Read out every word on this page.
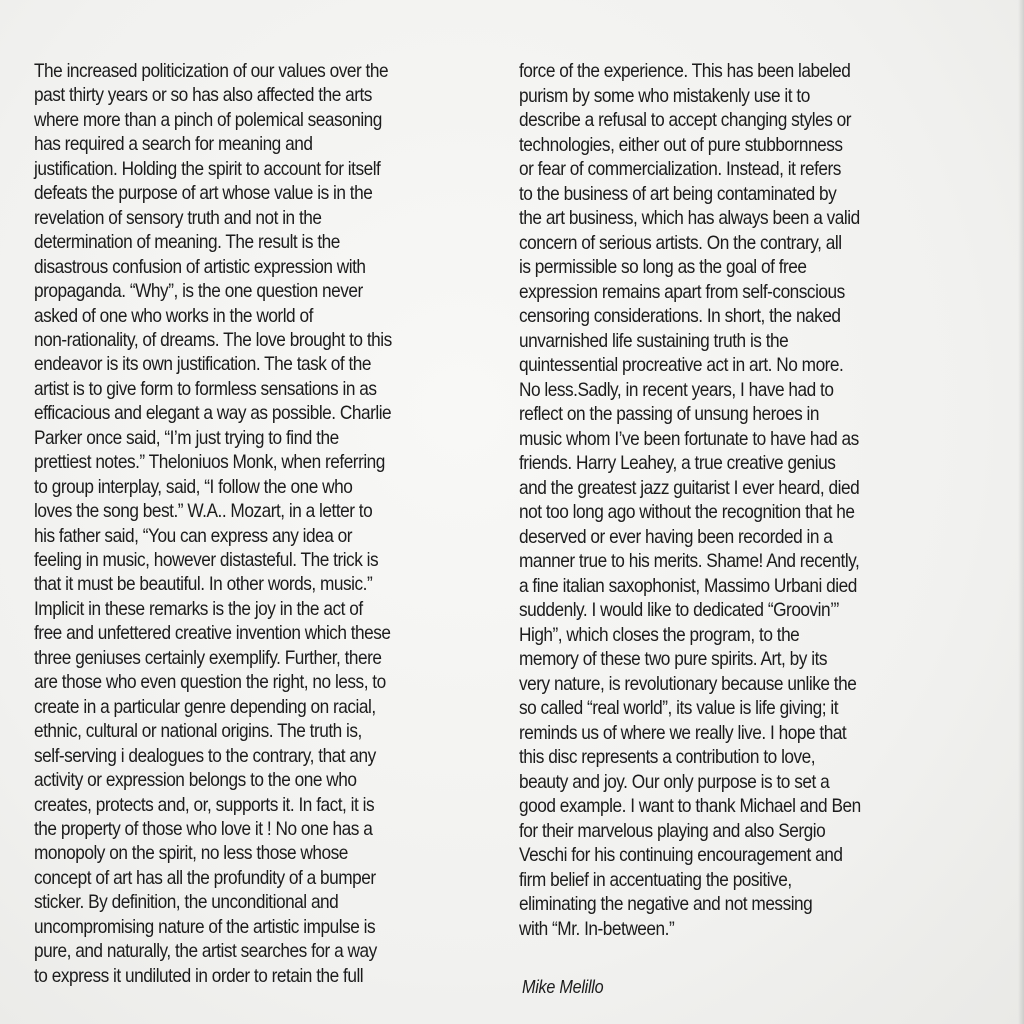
The increased politicization of our values over the
past thirty years or so has also affected the arts
where more than a pinch of polemical seasoning
has required a search for meaning and
justification. Holding the spirit to account for itself
defeats the purpose of art whose value is in the
revelation of sensory truth and not in the
determination of meaning. The result is the
disastrous confusion of artistic expression with
propaganda. “Why”, is the one question never
asked of one who works in the world of
non-rationality, of dreams. The love brought to this
endeavor is its own justification. The task of the
artist is to give form to formless sensations in as
efficacious and elegant a way as possible. Charlie
Parker once said, “I’m just trying to find the
prettiest notes.” Theloniuos Monk, when referring
to group interplay, said, “I follow the one who
loves the song best.” W.A.. Mozart, in a letter to
his father said, “You can express any idea or
feeling in music, however distasteful. The trick is
that it must be beautiful. In other words, music.”
Implicit in these remarks is the joy in the act of
free and unfettered creative invention which these
three geniuses certainly exemplify. Further, there
are those who even question the right, no less, to
create in a particular genre depending on racial,
ethnic, cultural or national origins. The truth is,
self-serving i dealogues to the contrary, that any
activity or expression belongs to the one who
creates, protects and, or, supports it. In fact, it is
the property of those who love it ! No one has a
monopoly on the spirit, no less those whose
concept of art has all the profundity of a bumper
sticker. By definition, the unconditional and
uncompromising nature of the artistic impulse is
pure, and naturally, the artist searches for a way
to express it undiluted in order to retain the full
force of the experience. This has been labeled
purism by some who mistakenly use it to
describe a refusal to accept changing styles or
technologies, either out of pure stubbornness
or fear of commercialization. Instead, it refers
to the business of art being contaminated by
the art business, which has always been a valid
concern of serious artists. On the contrary, all
is permissible so long as the goal of free
expression remains apart from self-conscious
censoring considerations. In short, the naked
unvarnished life sustaining truth is the
quintessential procreative act in art. No more.
No less.Sadly, in recent years, I have had to
reflect on the passing of unsung heroes in
music whom I’ve been fortunate to have had as
friends. Harry Leahey, a true creative genius
and the greatest jazz guitarist I ever heard, died
not too long ago without the recognition that he
deserved or ever having been recorded in a
manner true to his merits. Shame! And recently,
a fine italian saxophonist, Massimo Urbani died
suddenly. I would like to dedicated “Groovin’”
High”, which closes the program, to the
memory of these two pure spirits. Art, by its
very nature, is revolutionary because unlike the
so called “real world”, its value is life giving; it
reminds us of where we really live. I hope that
this disc represents a contribution to love,
beauty and joy. Our only purpose is to set a
good example. I want to thank Michael and Ben
for their marvelous playing and also Sergio
Veschi for his continuing encouragement and
firm belief in accentuating the positive,
eliminating the negative and not messing
with “Mr. In-between.”
Mike Melillo
